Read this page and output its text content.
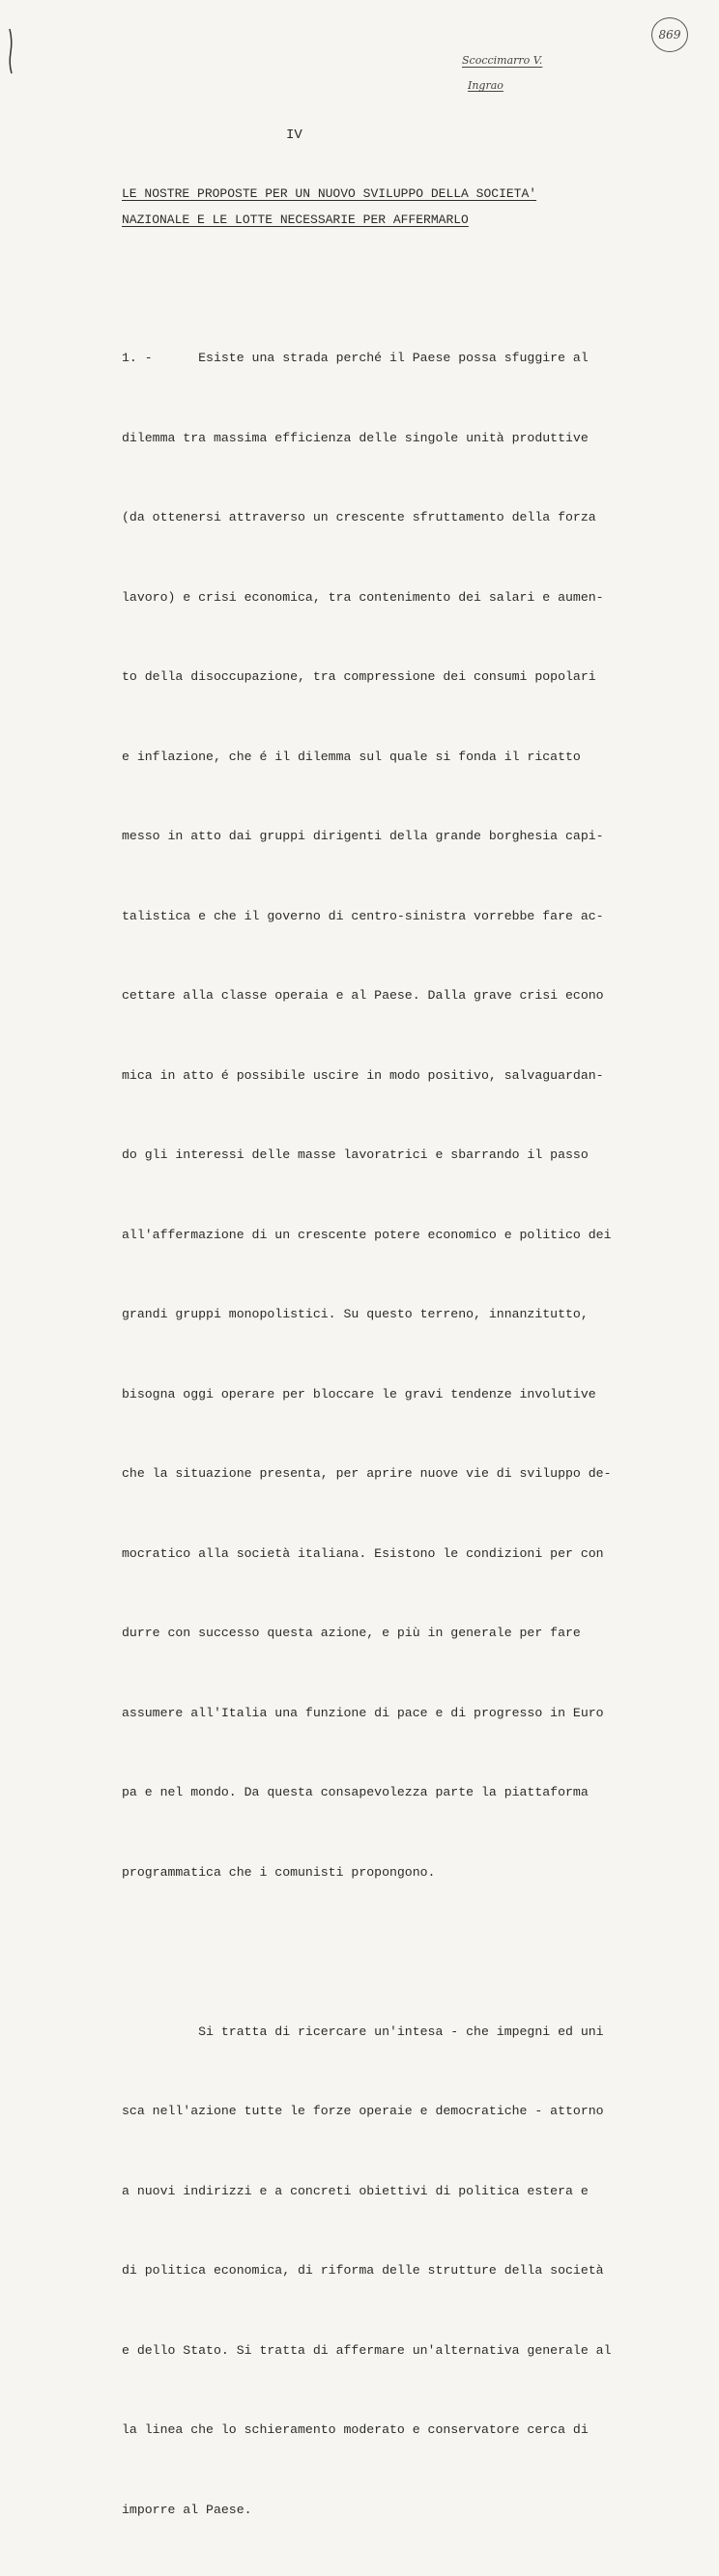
869
Scoccimarro V.
Ingrao
IV
LE NOSTRE PROPOSTE PER UN NUOVO SVILUPPO DELLA SOCIETA'
NAZIONALE E LE LOTTE NECESSARIE PER AFFERMARLO

1. -      Esiste una strada perché il Paese possa sfuggire al

dilemma tra massima efficienza delle singole unità produttive

(da ottenersi attraverso un crescente sfruttamento della forza

lavoro) e crisi economica, tra contenimento dei salari e aumen-

to della disoccupazione, tra compressione dei consumi popolari

e inflazione, che é il dilemma sul quale si fonda il ricatto

messo in atto dai gruppi dirigenti della grande borghesia capi-

talistica e che il governo di centro-sinistra vorrebbe fare ac-

cettare alla classe operaia e al Paese. Dalla grave crisi econo

mica in atto é possibile uscire in modo positivo, salvaguardan-

do gli interessi delle masse lavoratrici e sbarrando il passo

all'affermazione di un crescente potere economico e politico dei

grandi gruppi monopolistici. Su questo terreno, innanzitutto,

bisogna oggi operare per bloccare le gravi tendenze involutive

che la situazione presenta, per aprire nuove vie di sviluppo de-

mocratico alla società italiana. Esistono le condizioni per con

durre con successo questa azione, e più in generale per fare

assumere all'Italia una funzione di pace e di progresso in Euro

pa e nel mondo. Da questa consapevolezza parte la piattaforma

programmatica che i comunisti propongono.

Si tratta di ricercare un'intesa - che impegni ed uni

sca nell'azione tutte le forze operaie e democratiche - attorno

a nuovi indirizzi e a concreti obiettivi di politica estera e

di politica economica, di riforma delle strutture della società

e dello Stato. Si tratta di affermare un'alternativa generale al

la linea che lo schieramento moderato e conservatore cerca di

imporre al Paese.
